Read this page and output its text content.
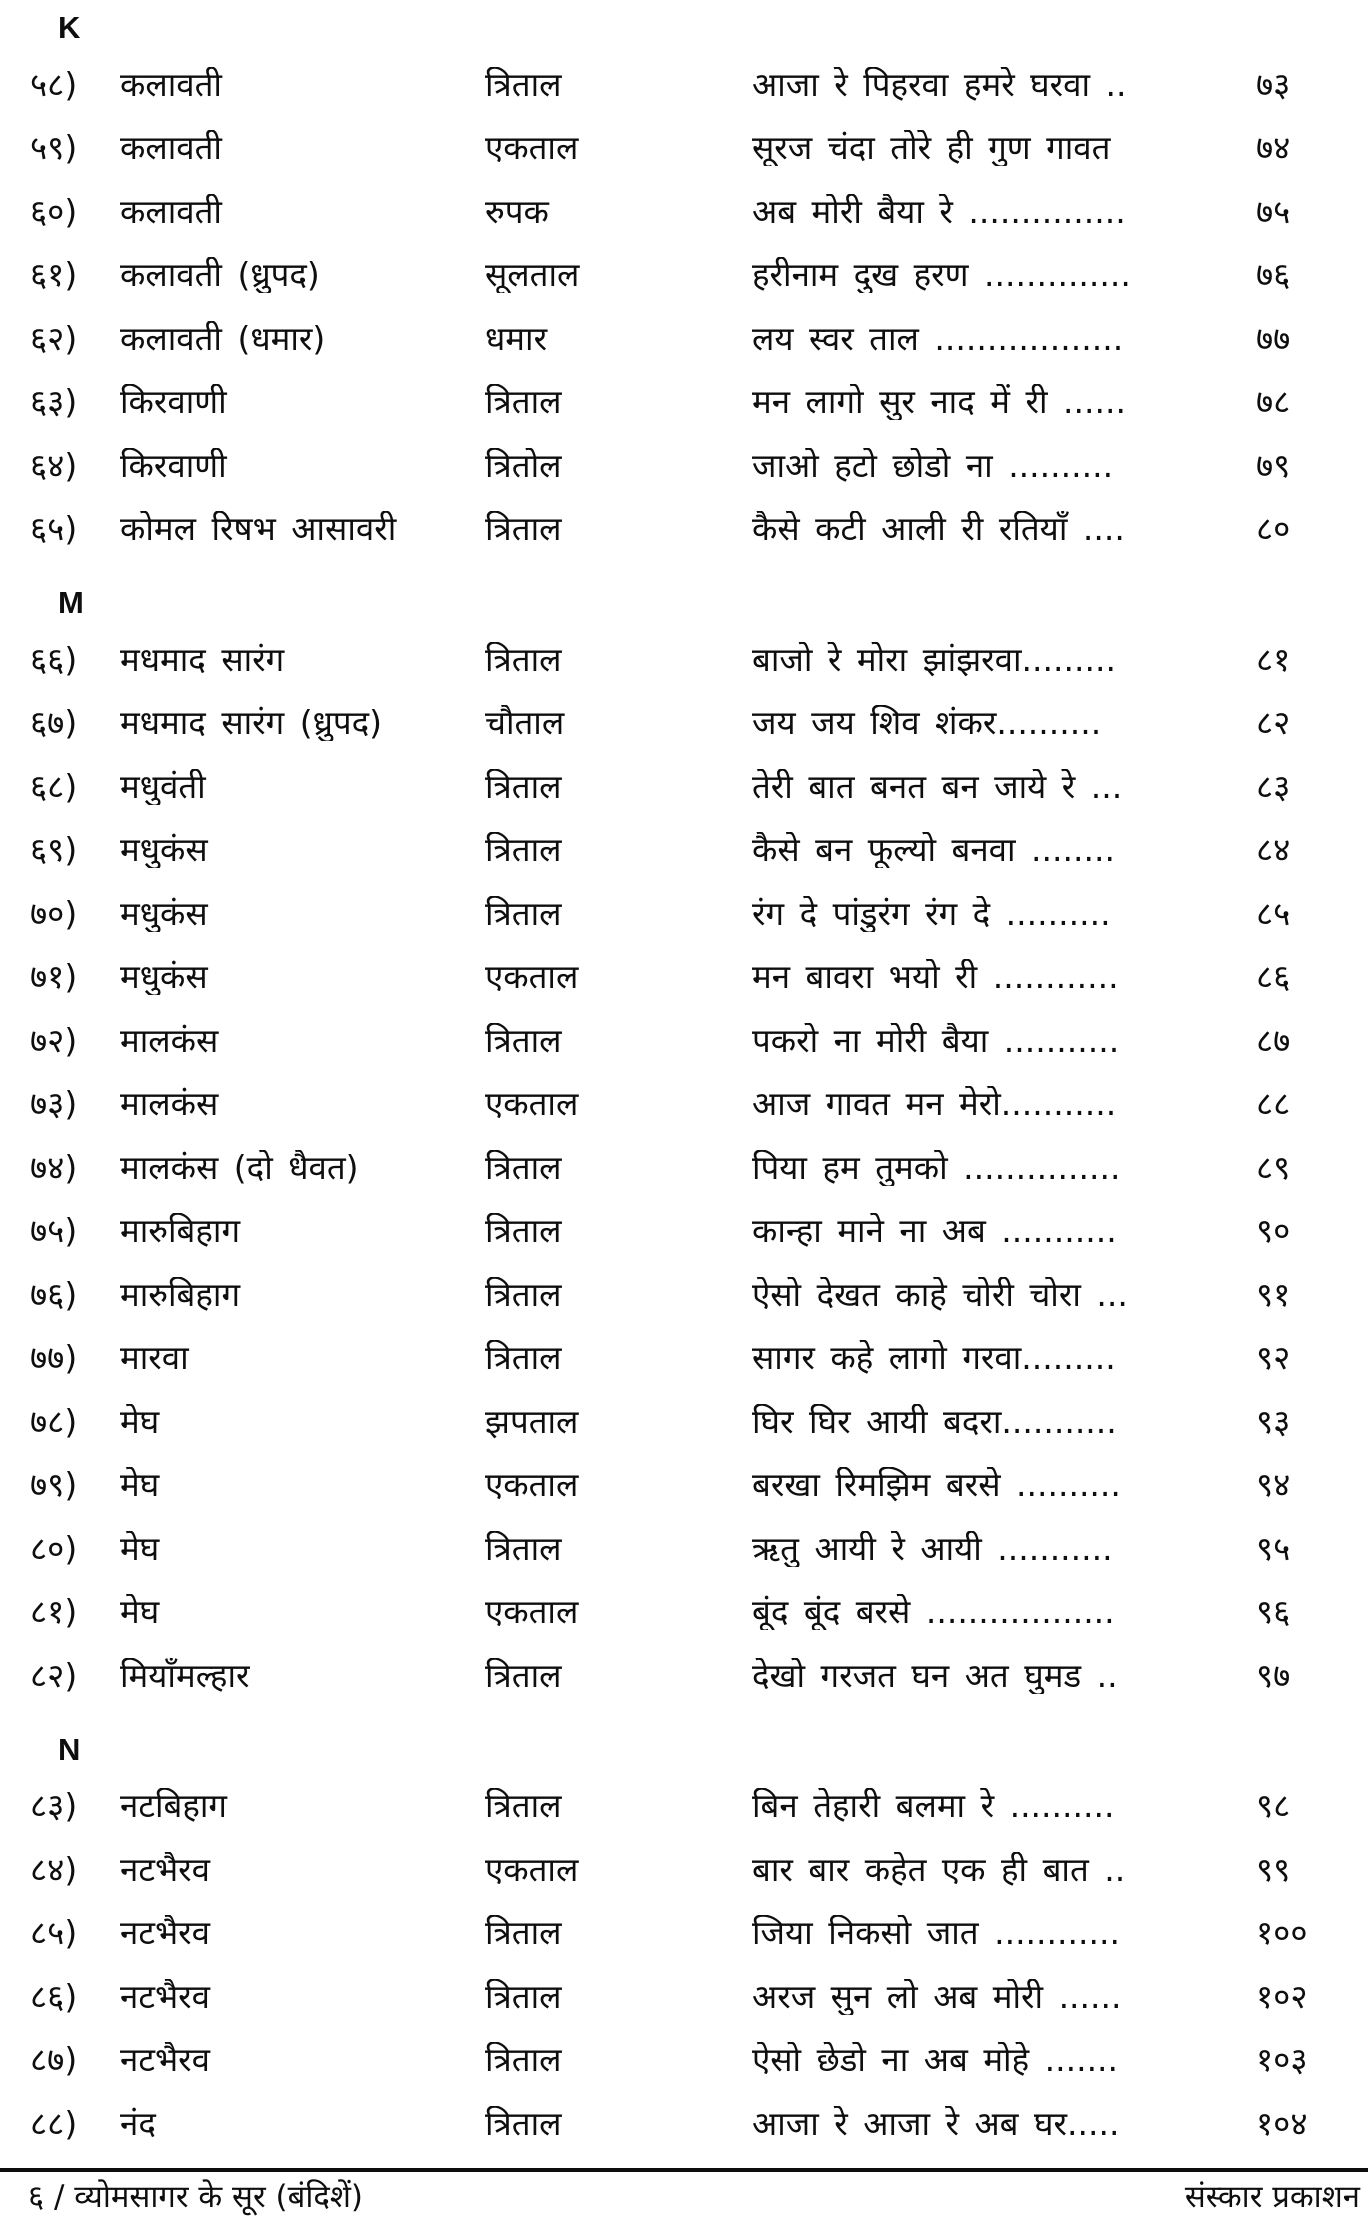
K
५८)	कलावती	त्रिताल	आजा रे पिहरवा हमरे घरवा ..	७३
५९)	कलावती	एकताल	सूरज चंदा तोरे ही गुण गावत	७४
६०)	कलावती	रुपक	अब मोरी बैया रे ...............	७५
६१)	कलावती (ध्रुपद)	सूलताल	हरीनाम दुख हरण ..............	७६
६२)	कलावती (धमार)	धमार	लय स्वर ताल ..................	७७
६३)	किरवाणी	त्रिताल	मन लागो सुर नाद में री ......	७८
६४)	किरवाणी	त्रितोल	जाओ हटो छोडो ना ..........	७९
६५)	कोमल रिषभ आसावरी	त्रिताल	कैसे कटी आली री रतियाँ ....	८०
M
६६)	मधमाद सारंग	त्रिताल	बाजो रे मोरा झांझरवा.........	८१
६७)	मधमाद सारंग (ध्रुपद)	चौताल	जय जय शिव शंकर..........	८२
६८)	मधुवंती	त्रिताल	तेरी बात बनत बन जाये रे ...	८३
६९)	मधुकंस	त्रिताल	कैसे बन फूल्यो बनवा ........	८४
७०)	मधुकंस	त्रिताल	रंग दे पांडुरंग रंग दे ..........	८५
७१)	मधुकंस	एकताल	मन बावरा भयो री ............	८६
७२)	मालकंस	त्रिताल	पकरो ना मोरी बैया ...........	८७
७३)	मालकंस	एकताल	आज गावत मन मेरो...........	८८
७४)	मालकंस (दो धैवत)	त्रिताल	पिया हम तुमको ...............	८९
७५)	मारुबिहाग	त्रिताल	कान्हा माने ना अब ...........	९०
७६)	मारुबिहाग	त्रिताल	ऐसो देखत काहे चोरी चोरा ...	९१
७७)	मारवा	त्रिताल	सागर कहे लागो गरवा.........	९२
७८)	मेघ	झपताल	घिर घिर आयी बदरा...........	९३
७९)	मेघ	एकताल	बरखा रिमझिम बरसे ..........	९४
८०)	मेघ	त्रिताल	ऋतु आयी रे आयी ...........	९५
८१)	मेघ	एकताल	बूंद बूंद बरसे ..................	९६
८२)	मियाँमल्हार	त्रिताल	देखो गरजत घन अत घुमड ..	९७
N
८३)	नटबिहाग	त्रिताल	बिन तेहारी बलमा रे ..........	९८
८४)	नटभैरव	एकताल	बार बार कहेत एक ही बात ..	९९
८५)	नटभैरव	त्रिताल	जिया निकसो जात ............	१००
८६)	नटभैरव	त्रिताल	अरज सुन लो अब मोरी ......	१०२
८७)	नटभैरव	त्रिताल	ऐसो छेडो ना अब मोहे .......	१०३
८८)	नंद	त्रिताल	आजा रे आजा रे अब घर.....	१०४
६ / व्योमसागर के सूर (बंदिशें)	संस्कार प्रकाशन
